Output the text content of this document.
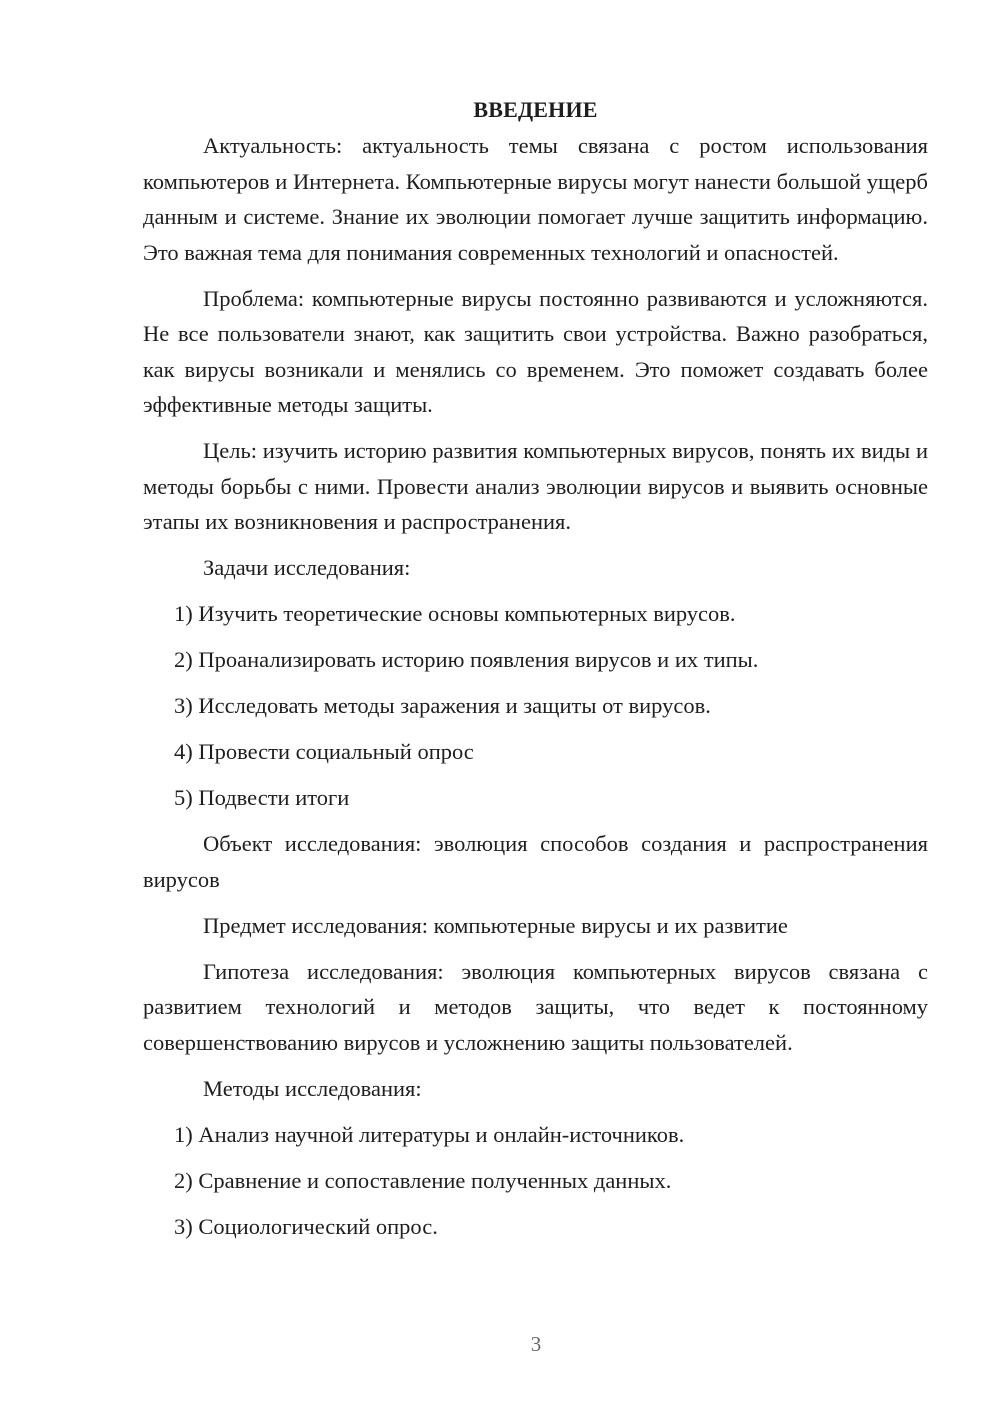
ВВЕДЕНИЕ

Актуальность: актуальность темы связана с ростом использования компьютеров и Интернета. Компьютерные вирусы могут нанести большой ущерб данным и системе. Знание их эволюции помогает лучше защитить информацию. Это важная тема для понимания современных технологий и опасностей.

Проблема: компьютерные вирусы постоянно развиваются и усложняются. Не все пользователи знают, как защитить свои устройства. Важно разобраться, как вирусы возникали и менялись со временем. Это поможет создавать более эффективные методы защиты.

Цель: изучить историю развития компьютерных вирусов, понять их виды и методы борьбы с ними. Провести анализ эволюции вирусов и выявить основные этапы их возникновения и распространения.

Задачи исследования:
1) Изучить теоретические основы компьютерных вирусов.
2) Проанализировать историю появления вирусов и их типы.
3) Исследовать методы заражения и защиты от вирусов.
4) Провести социальный опрос
5) Подвести итоги

Объект исследования: эволюция способов создания и распространения вирусов

Предмет исследования: компьютерные вирусы и их развитие

Гипотеза исследования: эволюция компьютерных вирусов связана с развитием технологий и методов защиты, что ведет к постоянному совершенствованию вирусов и усложнению защиты пользователей.

Методы исследования:
1) Анализ научной литературы и онлайн-источников.
2) Сравнение и сопоставление полученных данных.
3) Социологический опрос.
3
